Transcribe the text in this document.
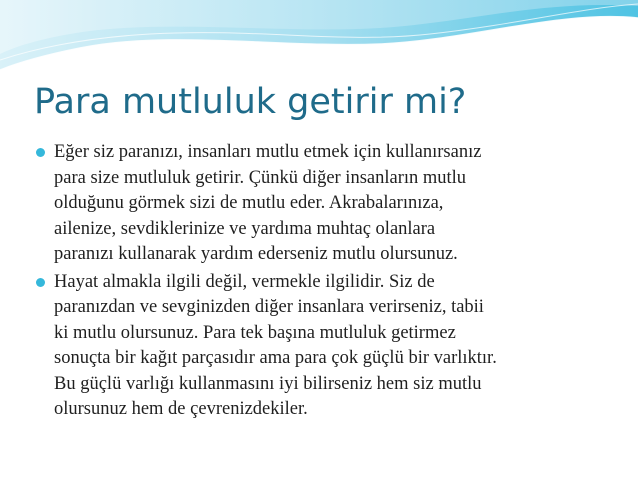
Para mutluluk getirir mi?
Eğer siz paranızı, insanları mutlu etmek için kullanırsanız
para size mutluluk getirir. Çünkü diğer insanların mutlu
olduğunu görmek sizi de mutlu eder. Akrabalarınıza,
ailenize, sevdiklerinize ve yardıma muhtaç olanlara
paranızı kullanarak yardım ederseniz mutlu olursunuz.
Hayat almakla ilgili değil, vermekle ilgilidir. Siz de
paranızdan ve sevginizden diğer insanlara verirseniz, tabii
ki mutlu olursunuz. Para tek başına mutluluk getirmez
sonuçta bir kağıt parçasıdır ama para çok güçlü bir varlıktır.
Bu güçlü varlığı kullanmasını iyi bilirseniz hem siz mutlu
olursunuz hem de çevrenizdekiler.
